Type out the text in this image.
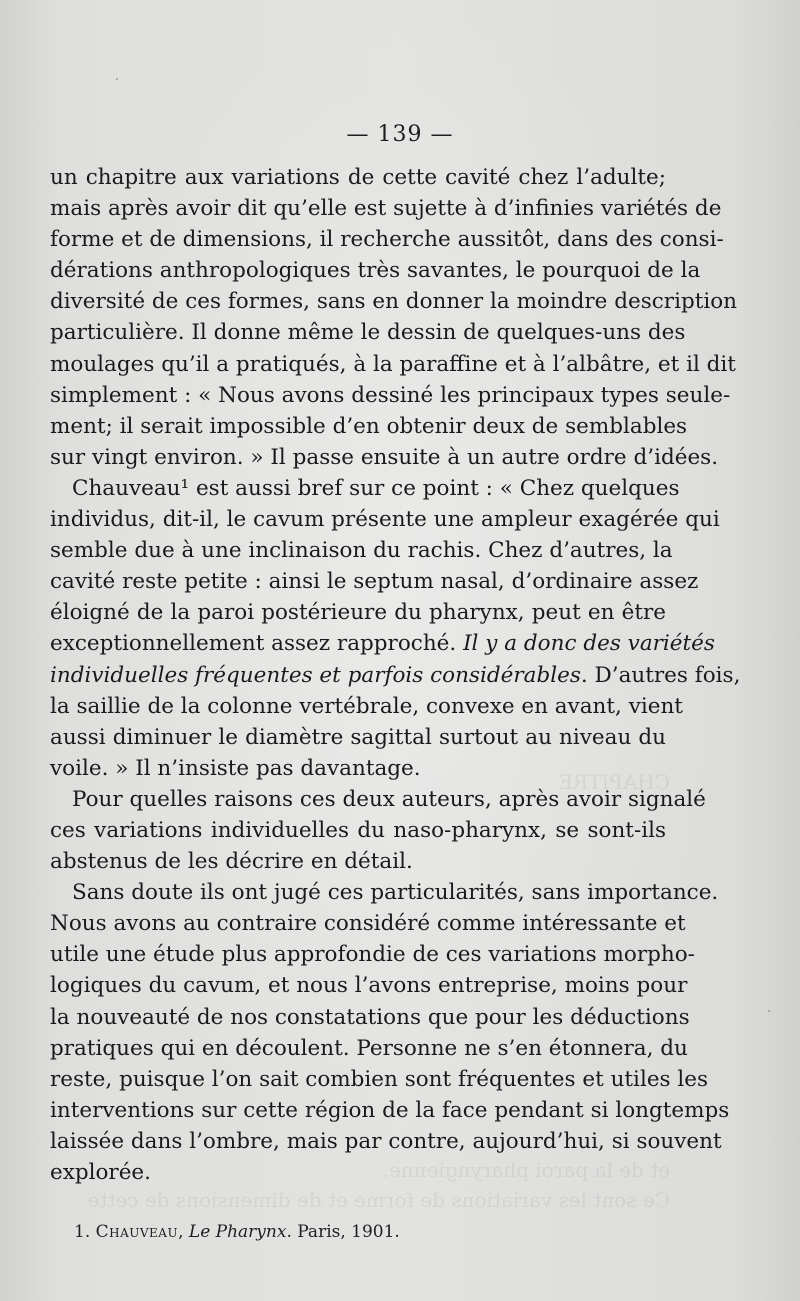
CHAPITRE
et de la paroi pharyngienne.
Ce sont les variations de forme et de dimensions de cette
— 139 —
un chapitre aux variations de cette cavité chez l’adulte;
mais après avoir dit qu’elle est sujette à d’infinies variétés de
forme et de dimensions, il recherche aussitôt, dans des consi-
dérations anthropologiques très savantes, le pourquoi de la
diversité de ces formes, sans en donner la moindre description
particulière. Il donne même le dessin de quelques-uns des
moulages qu’il a pratiqués, à la paraffine et à l’albâtre, et il dit
simplement : « Nous avons dessiné les principaux types seule-
ment; il serait impossible d’en obtenir deux de semblables
sur vingt environ. » Il passe ensuite à un autre ordre d’idées.
Chauveau¹ est aussi bref sur ce point : « Chez quelques
individus, dit-il, le cavum présente une ampleur exagérée qui
semble due à une inclinaison du rachis. Chez d’autres, la
cavité reste petite : ainsi le septum nasal, d’ordinaire assez
éloigné de la paroi postérieure du pharynx, peut en être
exceptionnellement assez rapproché. Il y a donc des variétés
individuelles fréquentes et parfois considérables. D’autres fois,
la saillie de la colonne vertébrale, convexe en avant, vient
aussi diminuer le diamètre sagittal surtout au niveau du
voile. » Il n’insiste pas davantage.
Pour quelles raisons ces deux auteurs, après avoir signalé
ces variations individuelles du naso-pharynx, se sont-ils
abstenus de les décrire en détail.
Sans doute ils ont jugé ces particularités, sans importance.
Nous avons au contraire considéré comme intéressante et
utile une étude plus approfondie de ces variations morpho-
logiques du cavum, et nous l’avons entreprise, moins pour
la nouveauté de nos constatations que pour les déductions
pratiques qui en découlent. Personne ne s’en étonnera, du
reste, puisque l’on sait combien sont fréquentes et utiles les
interventions sur cette région de la face pendant si longtemps
laissée dans l’ombre, mais par contre, aujourd’hui, si souvent
explorée.
1. Chauveau, Le Pharynx. Paris, 1901.
